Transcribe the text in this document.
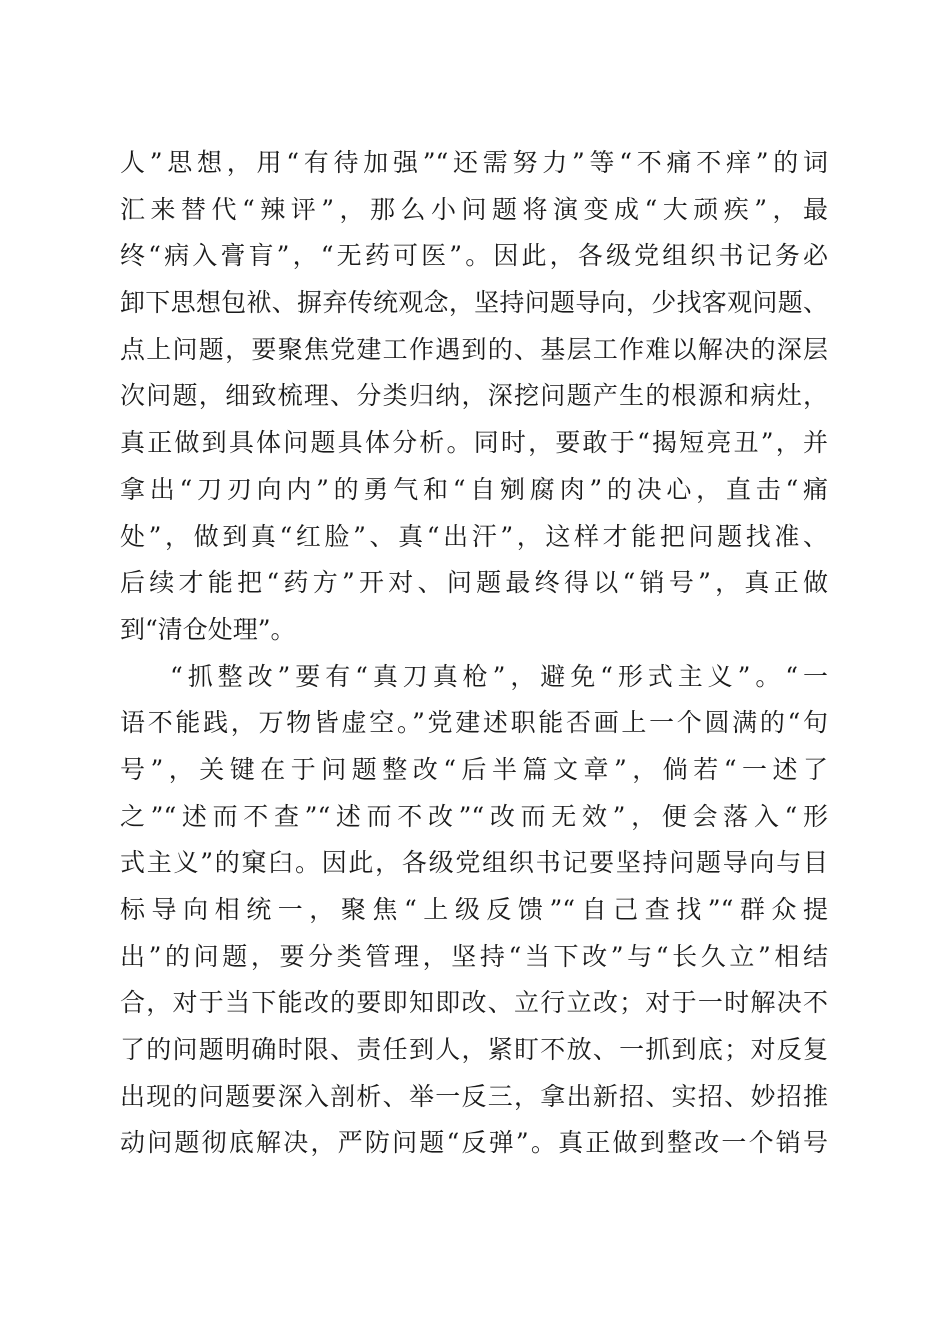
人”思想，用“有待加强”“还需努力”等“不痛不痒”的词
汇来替代“辣评”，那么小问题将演变成“大顽疾”，最
终“病入膏肓”，“无药可医”。因此，各级党组织书记务必
卸下思想包袱、摒弃传统观念，坚持问题导向，少找客观问题、
点上问题，要聚焦党建工作遇到的、基层工作难以解决的深层
次问题，细致梳理、分类归纳，深挖问题产生的根源和病灶，
真正做到具体问题具体分析。同时，要敢于“揭短亮丑”，并
拿出“刀刃向内”的勇气和“自剜腐肉”的决心，直击“痛
处”，做到真“红脸”、真“出汗”，这样才能把问题找准、
后续才能把“药方”开对、问题最终得以“销号”，真正做
到“清仓处理”。
“抓整改”要有“真刀真枪”，避免“形式主义”。“一
语不能践，万物皆虚空。”党建述职能否画上一个圆满的“句
号”，关键在于问题整改“后半篇文章”，倘若“一述了
之”“述而不查”“述而不改”“改而无效”，便会落入“形
式主义”的窠臼。因此，各级党组织书记要坚持问题导向与目
标导向相统一，聚焦“上级反馈”“自己查找”“群众提
出”的问题，要分类管理，坚持“当下改”与“长久立”相结
合，对于当下能改的要即知即改、立行立改；对于一时解决不
了的问题明确时限、责任到人，紧盯不放、一抓到底；对反复
出现的问题要深入剖析、举一反三，拿出新招、实招、妙招推
动问题彻底解决，严防问题“反弹”。真正做到整改一个销号
